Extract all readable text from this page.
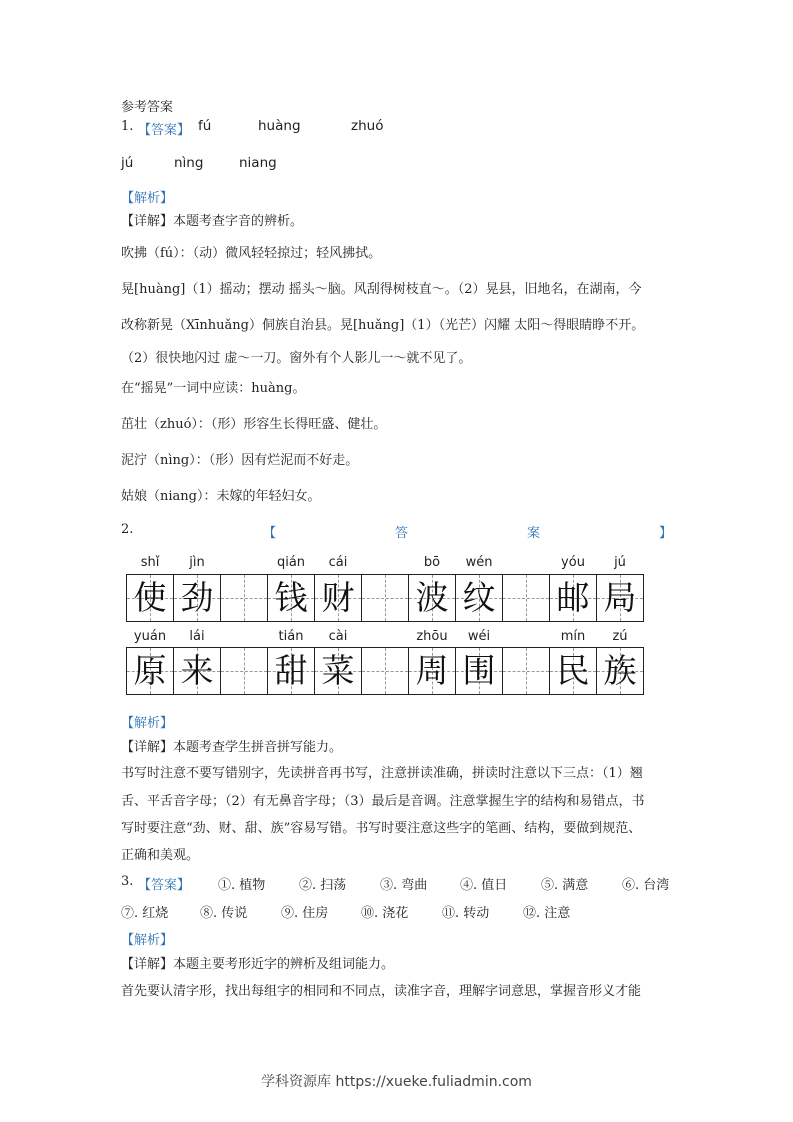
参考答案
1. 【答案】 fú	huàng	zhuó
jú	nìng	niang
【解析】
【详解】本题考查字音的辨析。
吹拂（fú）：（动）微风轻轻掠过；轻风拂拭。
晃[huàng]（1）摇动；摆动 摇头～脑。风刮得树枝直～。（2）晃县，旧地名，在湖南，今
改称新晃（Xīnhuǎng）侗族自治县。晃[huǎng]（1）（光芒）闪耀 太阳～得眼睛睁不开。
（2）很快地闪过 虚～一刀。窗外有个人影儿一～就不见了。
在“摇晃”一词中应读：huàng。
茁壮（zhuó）：（形）形容生长得旺盛、健壮。
泥泞（nìng）：（形）因有烂泥而不好走。
姑娘（niang）：未嫁的年轻妇女。
2.	【	答	案	】
使 劲 钱 财 波 纹 邮 局
shǐ	jìn	qián	cái	bō	wén	yóu	jú
原 来 甜 菜 周 围 民 族
yuán	lái	tián	cài	zhōu	wéi	mín	zú
【解析】
【详解】本题考查学生拼音拼写能力。
书写时注意不要写错别字，先读拼音再书写，注意拼读准确，拼读时注意以下三点：（1）翘
舌、平舌音字母；（2）有无鼻音字母；（3）最后是音调。注意掌握生字的结构和易错点，书
写时要注意“劲、财、甜、族”容易写错。书写时要注意这些字的笔画、结构，要做到规范、
正确和美观。
3. 【答案】 ①. 植物	②. 扫荡	③. 弯曲	④. 值日	⑤. 满意	⑥. 台湾
⑦. 红烧 ⑧. 传说	⑨. 住房	⑩. 浇花	⑪. 转动	⑫. 注意
【解析】
【详解】本题主要考形近字的辨析及组词能力。
首先要认清字形，找出每组字的相同和不同点，读准字音，理解字词意思，掌握音形义才能
学科资源库 https://xueke.fuliadmin.com
